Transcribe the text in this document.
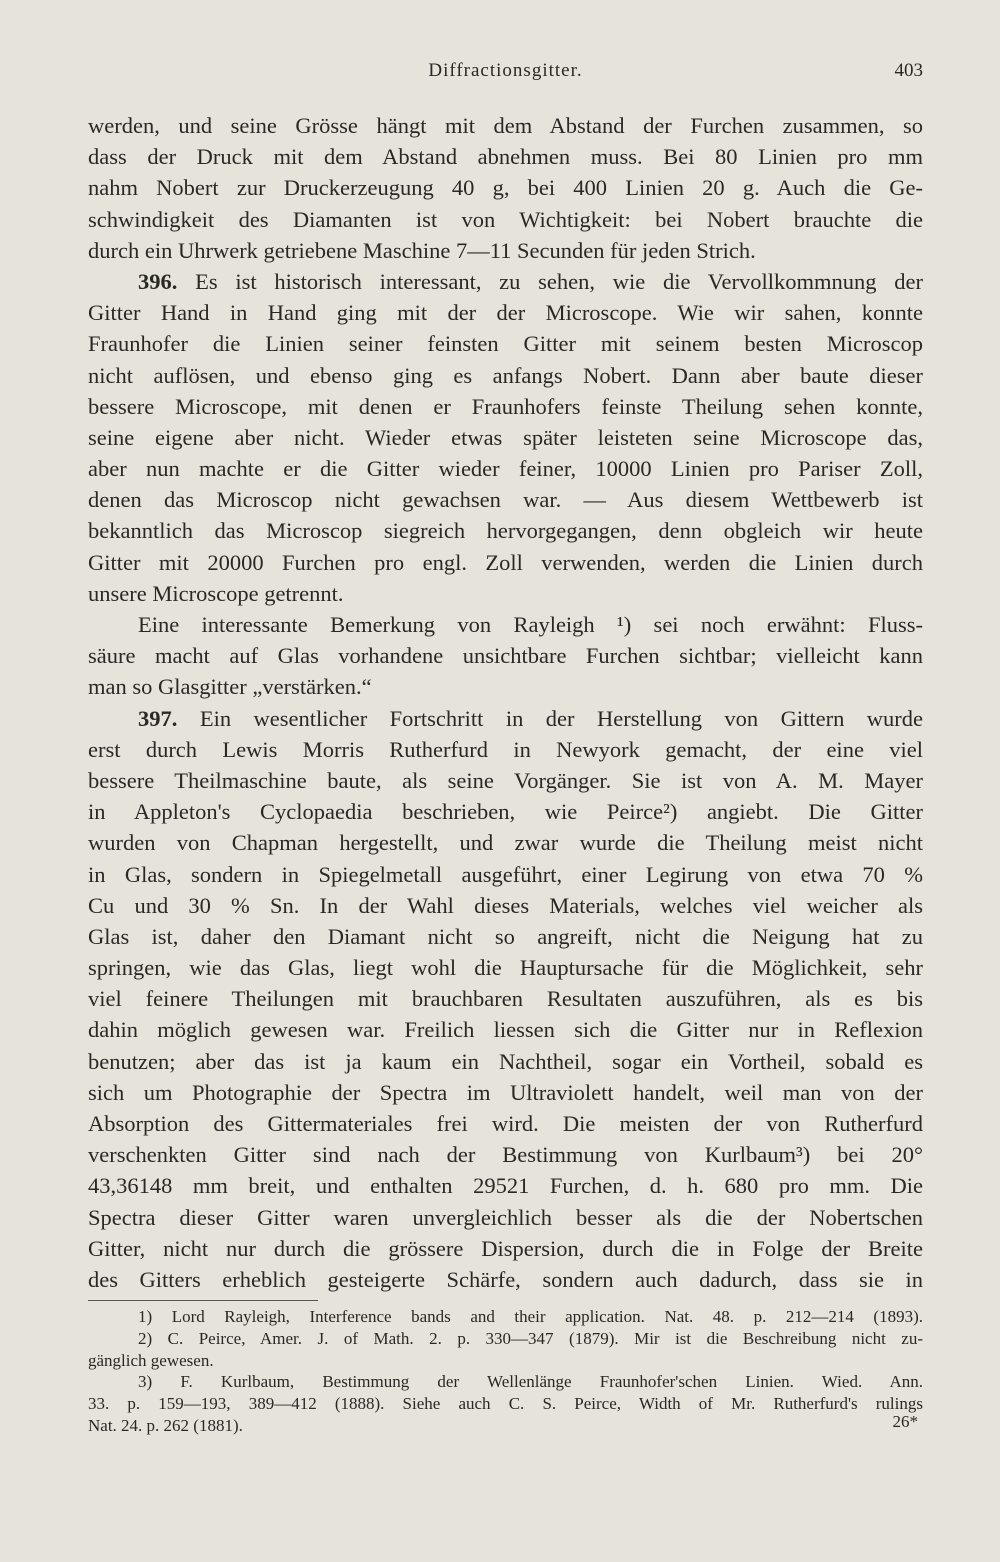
Diffractionsgitter.	403
werden, und seine Grösse hängt mit dem Abstand der Furchen zusammen, so
dass der Druck mit dem Abstand abnehmen muss. Bei 80 Linien pro mm
nahm Nobert zur Druckerzeugung 40 g, bei 400 Linien 20 g. Auch die Ge-
schwindigkeit des Diamanten ist von Wichtigkeit: bei Nobert brauchte die
durch ein Uhrwerk getriebene Maschine 7—11 Secunden für jeden Strich.
396. Es ist historisch interessant, zu sehen, wie die Vervollkommnung der
Gitter Hand in Hand ging mit der der Microscope. Wie wir sahen, konnte
Fraunhofer die Linien seiner feinsten Gitter mit seinem besten Microscop
nicht auflösen, und ebenso ging es anfangs Nobert. Dann aber baute dieser
bessere Microscope, mit denen er Fraunhofers feinste Theilung sehen konnte,
seine eigene aber nicht. Wieder etwas später leisteten seine Microscope das,
aber nun machte er die Gitter wieder feiner, 10000 Linien pro Pariser Zoll,
denen das Microscop nicht gewachsen war. — Aus diesem Wettbewerb ist
bekanntlich das Microscop siegreich hervorgegangen, denn obgleich wir heute
Gitter mit 20000 Furchen pro engl. Zoll verwenden, werden die Linien durch
unsere Microscope getrennt.
Eine interessante Bemerkung von Rayleigh ¹) sei noch erwähnt: Fluss-
säure macht auf Glas vorhandene unsichtbare Furchen sichtbar; vielleicht kann
man so Glasgitter „verstärken.“
397. Ein wesentlicher Fortschritt in der Herstellung von Gittern wurde
erst durch Lewis Morris Rutherfurd in Newyork gemacht, der eine viel
bessere Theilmaschine baute, als seine Vorgänger. Sie ist von A. M. Mayer
in Appleton's Cyclopaedia beschrieben, wie Peirce²) angiebt. Die Gitter
wurden von Chapman hergestellt, und zwar wurde die Theilung meist nicht
in Glas, sondern in Spiegelmetall ausgeführt, einer Legirung von etwa 70 %
Cu und 30 % Sn. In der Wahl dieses Materials, welches viel weicher als
Glas ist, daher den Diamant nicht so angreift, nicht die Neigung hat zu
springen, wie das Glas, liegt wohl die Hauptursache für die Möglichkeit, sehr
viel feinere Theilungen mit brauchbaren Resultaten auszuführen, als es bis
dahin möglich gewesen war. Freilich liessen sich die Gitter nur in Reflexion
benutzen; aber das ist ja kaum ein Nachtheil, sogar ein Vortheil, sobald es
sich um Photographie der Spectra im Ultraviolett handelt, weil man von der
Absorption des Gittermateriales frei wird. Die meisten der von Rutherfurd
verschenkten Gitter sind nach der Bestimmung von Kurlbaum³) bei 20°
43,36148 mm breit, und enthalten 29521 Furchen, d. h. 680 pro mm. Die
Spectra dieser Gitter waren unvergleichlich besser als die der Nobertschen
Gitter, nicht nur durch die grössere Dispersion, durch die in Folge der Breite
des Gitters erheblich gesteigerte Schärfe, sondern auch dadurch, dass sie in
1) Lord Rayleigh, Interference bands and their application. Nat. 48. p. 212—214 (1893).
2) C. Peirce, Amer. J. of Math. 2. p. 330—347 (1879). Mir ist die Beschreibung nicht zu-
gänglich gewesen.
3) F. Kurlbaum, Bestimmung der Wellenlänge Fraunhofer'schen Linien. Wied. Ann.
33. p. 159—193, 389—412 (1888). Siehe auch C. S. Peirce, Width of Mr. Rutherfurd's rulings
Nat. 24. p. 262 (1881).	26*
